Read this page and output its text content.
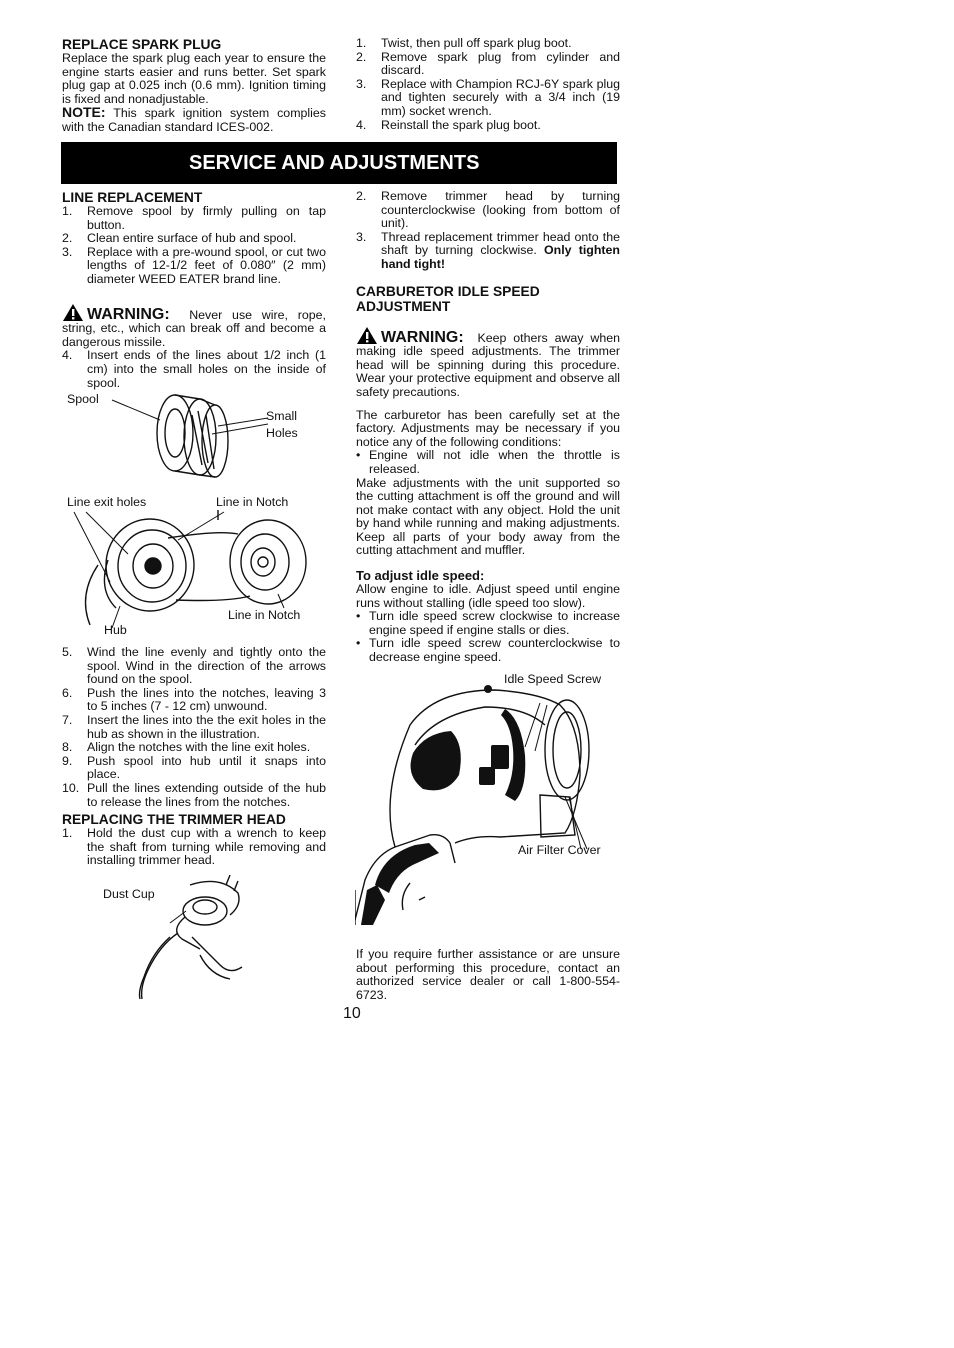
REPLACE SPARK PLUG

Replace the spark plug each year to ensure the engine starts easier and runs better. Set spark plug gap at 0.025 inch (0.6 mm). Ignition timing is fixed and nonadjustable.

NOTE: This spark ignition system complies with the Canadian standard ICES-002.

1. Twist, then pull off spark plug boot.
2. Remove spark plug from cylinder and discard.
3. Replace with Champion RCJ-6Y spark plug and tighten securely with a 3/4 inch (19 mm) socket wrench.
4. Reinstall the spark plug boot.
SERVICE AND ADJUSTMENTS
LINE REPLACEMENT
1. Remove spool by firmly pulling on tap button.
2. Clean entire surface of hub and spool.
3. Replace with a pre-wound spool, or cut two lengths of 12-1/2 feet of 0.080″ (2 mm) diameter WEED EATER brand line.

WARNING: Never use wire, rope, string, etc., which can break off and become a dangerous missile.

4. Insert ends of the lines about 1/2 inch (1 cm) into the small holes on the inside of spool.
Spool
Small
Holes
Line exit holes	Line in Notch
Line in Notch
Hub
5. Wind the line evenly and tightly onto the spool. Wind in the direction of the arrows found on the spool.
6. Push the lines into the notches, leaving 3 to 5 inches (7 - 12 cm) unwound.
7. Insert the lines into the the exit holes in the hub as shown in the illustration.
8. Align the notches with the line exit holes.
9. Push spool into hub until it snaps into place.
10. Pull the lines extending outside of the hub to release the lines from the notches.
REPLACING THE TRIMMER HEAD
1. Hold the dust cup with a wrench to keep the shaft from turning while removing and installing trimmer head.
Dust Cup
2. Remove trimmer head by turning counterclockwise (looking from bottom of unit).
3. Thread replacement trimmer head onto the shaft by turning clockwise. Only tighten hand tight!
CARBURETOR IDLE SPEED ADJUSTMENT

WARNING: Keep others away when making idle speed adjustments. The trimmer head will be spinning during this procedure. Wear your protective equipment and observe all safety precautions.

The carburetor has been carefully set at the factory. Adjustments may be necessary if you notice any of the following conditions:

• Engine will not idle when the throttle is released.

Make adjustments with the unit supported so the cutting attachment is off the ground and will not make contact with any object. Hold the unit by hand while running and making adjustments. Keep all parts of your body away from the cutting attachment and muffler.

To adjust idle speed:

Allow engine to idle. Adjust speed until engine runs without stalling (idle speed too slow).

• Turn idle speed screw clockwise to increase engine speed if engine stalls or dies.
• Turn idle speed screw counterclockwise to decrease engine speed.
Idle Speed Screw
Air Filter Cover

If you require further assistance or are unsure about performing this procedure, contact an authorized service dealer or call 1-800-554-6723.

10
